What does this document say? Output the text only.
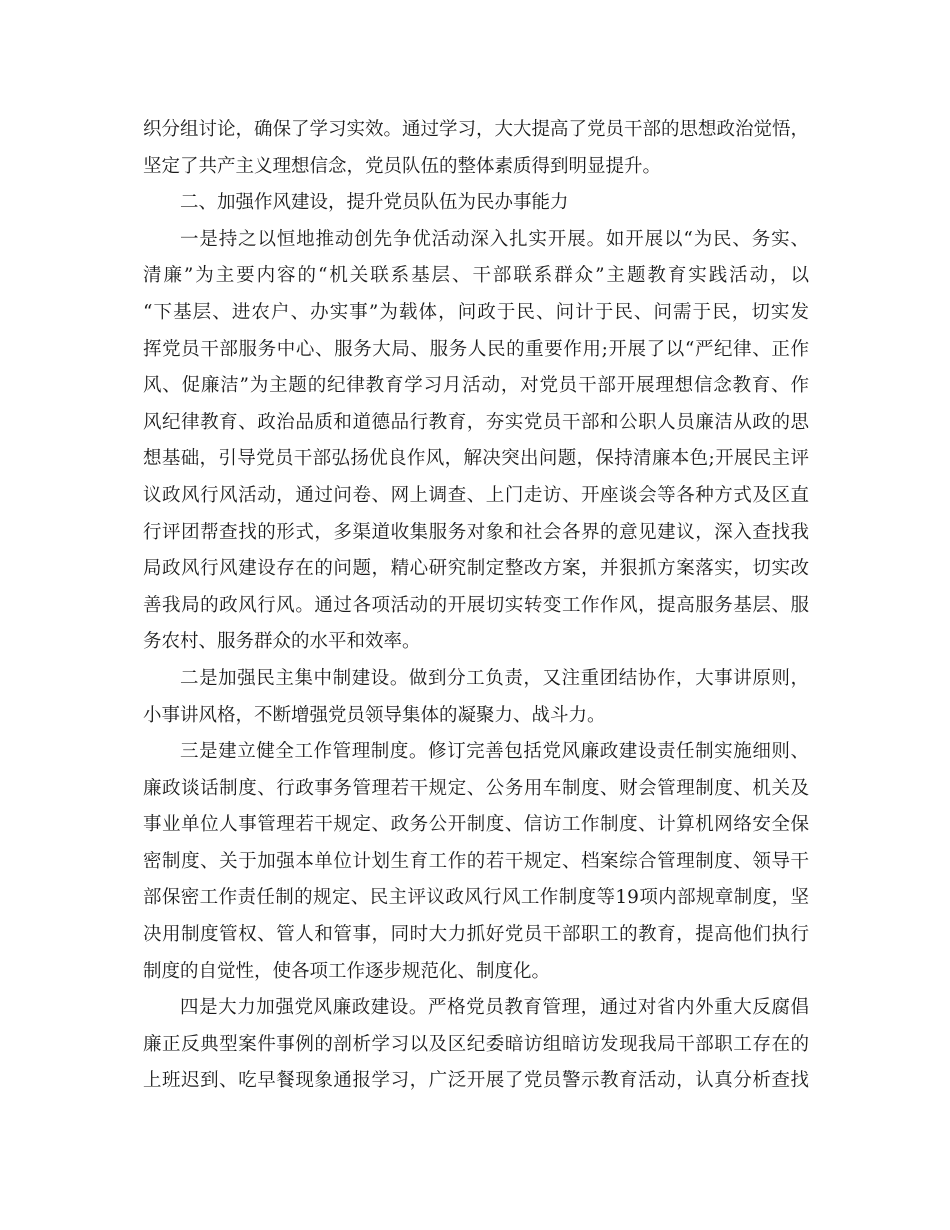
织分组讨论，确保了学习实效。通过学习，大大提高了党员干部的思想政治觉悟，
坚定了共产主义理想信念，党员队伍的整体素质得到明显提升。
二、加强作风建设，提升党员队伍为民办事能力
一是持之以恒地推动创先争优活动深入扎实开展。如开展以“为民、务实、
清廉”为主要内容的“机关联系基层、干部联系群众”主题教育实践活动，以
“下基层、进农户、办实事”为载体，问政于民、问计于民、问需于民，切实发
挥党员干部服务中心、服务大局、服务人民的重要作用;开展了以“严纪律、正作
风、促廉洁”为主题的纪律教育学习月活动，对党员干部开展理想信念教育、作
风纪律教育、政治品质和道德品行教育，夯实党员干部和公职人员廉洁从政的思
想基础，引导党员干部弘扬优良作风，解决突出问题，保持清廉本色;开展民主评
议政风行风活动，通过问卷、网上调查、上门走访、开座谈会等各种方式及区直
行评团帮查找的形式，多渠道收集服务对象和社会各界的意见建议，深入查找我
局政风行风建设存在的问题，精心研究制定整改方案，并狠抓方案落实，切实改
善我局的政风行风。通过各项活动的开展切实转变工作作风，提高服务基层、服
务农村、服务群众的水平和效率。
二是加强民主集中制建设。做到分工负责，又注重团结协作，大事讲原则，
小事讲风格，不断增强党员领导集体的凝聚力、战斗力。
三是建立健全工作管理制度。修订完善包括党风廉政建设责任制实施细则、
廉政谈话制度、行政事务管理若干规定、公务用车制度、财会管理制度、机关及
事业单位人事管理若干规定、政务公开制度、信访工作制度、计算机网络安全保
密制度、关于加强本单位计划生育工作的若干规定、档案综合管理制度、领导干
部保密工作责任制的规定、民主评议政风行风工作制度等19项内部规章制度，坚
决用制度管权、管人和管事，同时大力抓好党员干部职工的教育，提高他们执行
制度的自觉性，使各项工作逐步规范化、制度化。
四是大力加强党风廉政建设。严格党员教育管理，通过对省内外重大反腐倡
廉正反典型案件事例的剖析学习以及区纪委暗访组暗访发现我局干部职工存在的
上班迟到、吃早餐现象通报学习，广泛开展了党员警示教育活动，认真分析查找
